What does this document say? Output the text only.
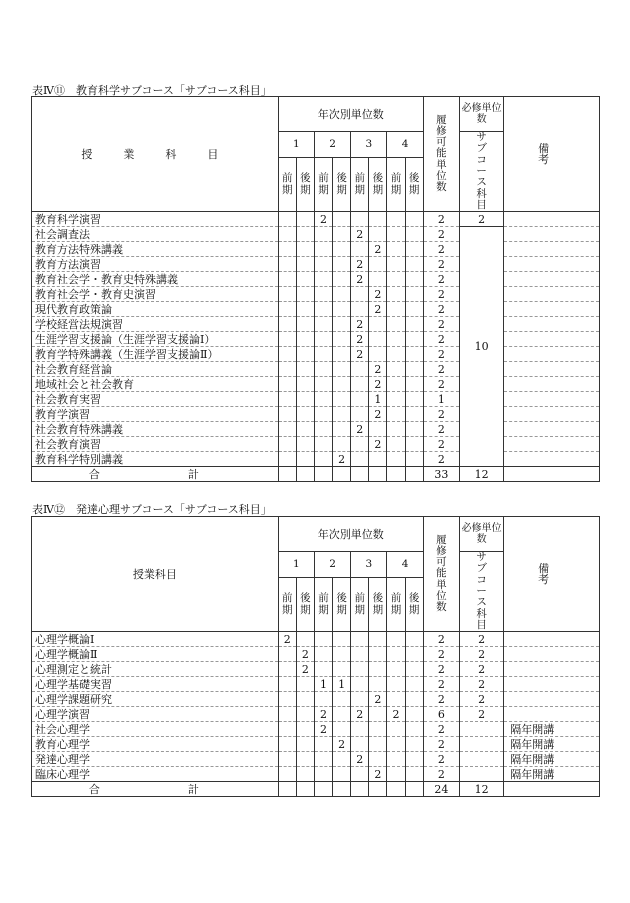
表Ⅳ⑪　教育科学サブコース「サブコース科目」
授　業　科　目	年次別単位数								履修可能単位数	必修単位数	備　　考
	1		2		3		4			サブコース科目	
	前期	後期	前期	後期	前期	後期	前期	後期			
教育科学演習			2						2	2	
社会調査法					2				2	10	
教育方法特殊講義						2			2		
教育方法演習					2				2		
教育社会学・教育史特殊講義					2				2		
教育社会学・教育史演習						2			2		
現代教育政策論						2			2		
学校経営法規演習					2				2		
生涯学習支援論（生涯学習支援論Ⅰ）					2				2		
教育学特殊講義（生涯学習支援論Ⅱ）					2				2		
社会教育経営論						2			2		
地域社会と社会教育						2			2		
社会教育実習						1			1		
教育学演習						2			2		
社会教育特殊講義					2				2		
社会教育演習						2			2		
教育科学特別講義				2					2		
合　　計									33	12	
表Ⅳ⑫　発達心理サブコース「サブコース科目」
授業科目	年次別単位数								履修可能単位数	必修単位数	備　　考
	1		2		3		4			サブコース科目	
	前期	後期	前期	後期	前期	後期	前期	後期			
心理学概論Ⅰ	2								2	2	
心理学概論Ⅱ		2							2	2	
心理測定と統計		2							2	2	
心理学基礎実習			1	1					2	2	
心理学課題研究						2			2	2	
心理学演習			2		2		2		6	2	
社会心理学			2						2		隔年開講
教育心理学				2					2		隔年開講
発達心理学					2				2		隔年開講
臨床心理学						2			2		隔年開講
合　　計									24	12	
